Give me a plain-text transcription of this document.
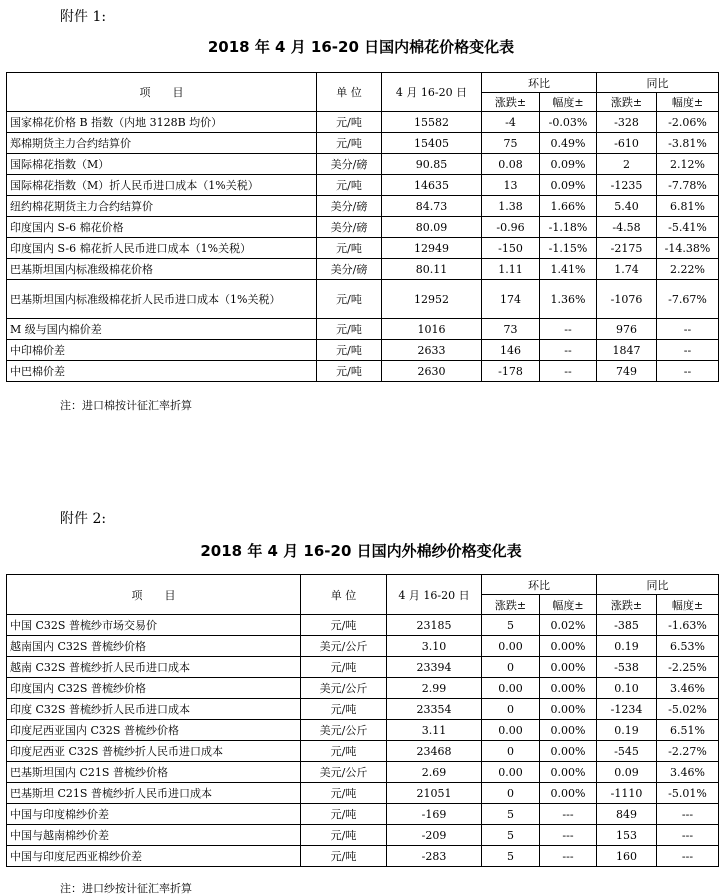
附件 1:
2018 年 4 月 16-20 日国内棉花价格变化表
项　　目	单 位	4 月 16-20 日	环比		同比	
			涨跌±	幅度±	涨跌±	幅度±
国家棉花价格 B 指数（内地 3128B 均价）	元/吨	15582	-4	-0.03%	-328	-2.06%
郑棉期货主力合约结算价	元/吨	15405	75	0.49%	-610	-3.81%
国际棉花指数（M）	美分/磅	90.85	0.08	0.09%	2	2.12%
国际棉花指数（M）折人民币进口成本（1%关税）	元/吨	14635	13	0.09%	-1235	-7.78%
纽约棉花期货主力合约结算价	美分/磅	84.73	1.38	1.66%	5.40	6.81%
印度国内 S-6 棉花价格	美分/磅	80.09	-0.96	-1.18%	-4.58	-5.41%
印度国内 S-6 棉花折人民币进口成本（1%关税）	元/吨	12949	-150	-1.15%	-2175	-14.38%
巴基斯坦国内标准级棉花价格	美分/磅	80.11	1.11	1.41%	1.74	2.22%
巴基斯坦国内标准级棉花折人民币进口成本（1%关税）	元/吨	12952	174	1.36%	-1076	-7.67%
M 级与国内棉价差	元/吨	1016	73	--	976	--
中印棉价差	元/吨	2633	146	--	1847	--
中巴棉价差	元/吨	2630	-178	--	749	--
注：进口棉按计征汇率折算
附件 2:
2018 年 4 月 16-20 日国内外棉纱价格变化表
项　　目	单 位	4 月 16-20 日	环比		同比	
			涨跌±	幅度±	涨跌±	幅度±
中国 C32S 普梳纱市场交易价	元/吨	23185	5	0.02%	-385	-1.63%
越南国内 C32S 普梳纱价格	美元/公斤	3.10	0.00	0.00%	0.19	6.53%
越南 C32S 普梳纱折人民币进口成本	元/吨	23394	0	0.00%	-538	-2.25%
印度国内 C32S 普梳纱价格	美元/公斤	2.99	0.00	0.00%	0.10	3.46%
印度 C32S 普梳纱折人民币进口成本	元/吨	23354	0	0.00%	-1234	-5.02%
印度尼西亚国内 C32S 普梳纱价格	美元/公斤	3.11	0.00	0.00%	0.19	6.51%
印度尼西亚 C32S 普梳纱折人民币进口成本	元/吨	23468	0	0.00%	-545	-2.27%
巴基斯坦国内 C21S 普梳纱价格	美元/公斤	2.69	0.00	0.00%	0.09	3.46%
巴基斯坦 C21S 普梳纱折人民币进口成本	元/吨	21051	0	0.00%	-1110	-5.01%
中国与印度棉纱价差	元/吨	-169	5	---	849	---
中国与越南棉纱价差	元/吨	-209	5	---	153	---
中国与印度尼西亚棉纱价差	元/吨	-283	5	---	160	---
注：进口纱按计征汇率折算
